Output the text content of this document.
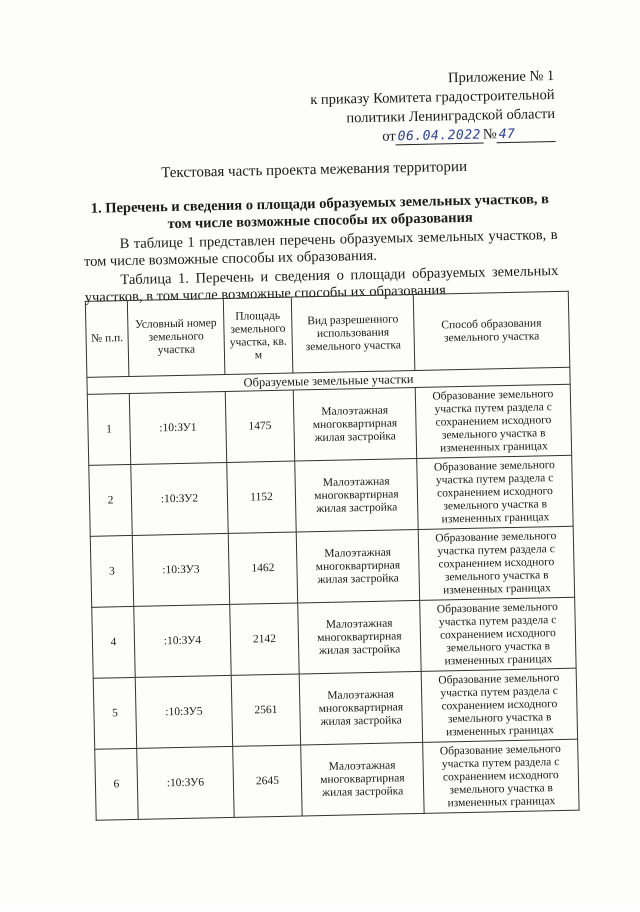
Приложение № 1
к приказу Комитета градостроительной
политики Ленинградской области
от 06.04.2022 № 47
Текстовая часть проекта межевания территории
1. Перечень и сведения о площади образуемых земельных участков, в том числе возможные способы их образования
В таблице 1 представлен перечень образуемых земельных участков, в том числе возможные способы их образования.
Таблица 1. Перечень и сведения о площади образуемых земельных участков, в том числе возможные способы их образования
№ п.п.	Условный номер земельного участка	Площадь земельного участка, кв. м	Вид разрешенного использования земельного участка	Способ образования земельного участка
Образуемые земельные участки				
1	:10:ЗУ1	1475	Малоэтажная многоквартирная жилая застройка	Образование земельного участка путем раздела с сохранением исходного земельного участка в измененных границах
2	:10:ЗУ2	1152	Малоэтажная многоквартирная жилая застройка	Образование земельного участка путем раздела с сохранением исходного земельного участка в измененных границах
3	:10:ЗУ3	1462	Малоэтажная многоквартирная жилая застройка	Образование земельного участка путем раздела с сохранением исходного земельного участка в измененных границах
4	:10:ЗУ4	2142	Малоэтажная многоквартирная жилая застройка	Образование земельного участка путем раздела с сохранением исходного земельного участка в измененных границах
5	:10:ЗУ5	2561	Малоэтажная многоквартирная жилая застройка	Образование земельного участка путем раздела с сохранением исходного земельного участка в измененных границах
6	:10:ЗУ6	2645	Малоэтажная многоквартирная жилая застройка	Образование земельного участка путем раздела с сохранением исходного земельного участка в измененных границах
